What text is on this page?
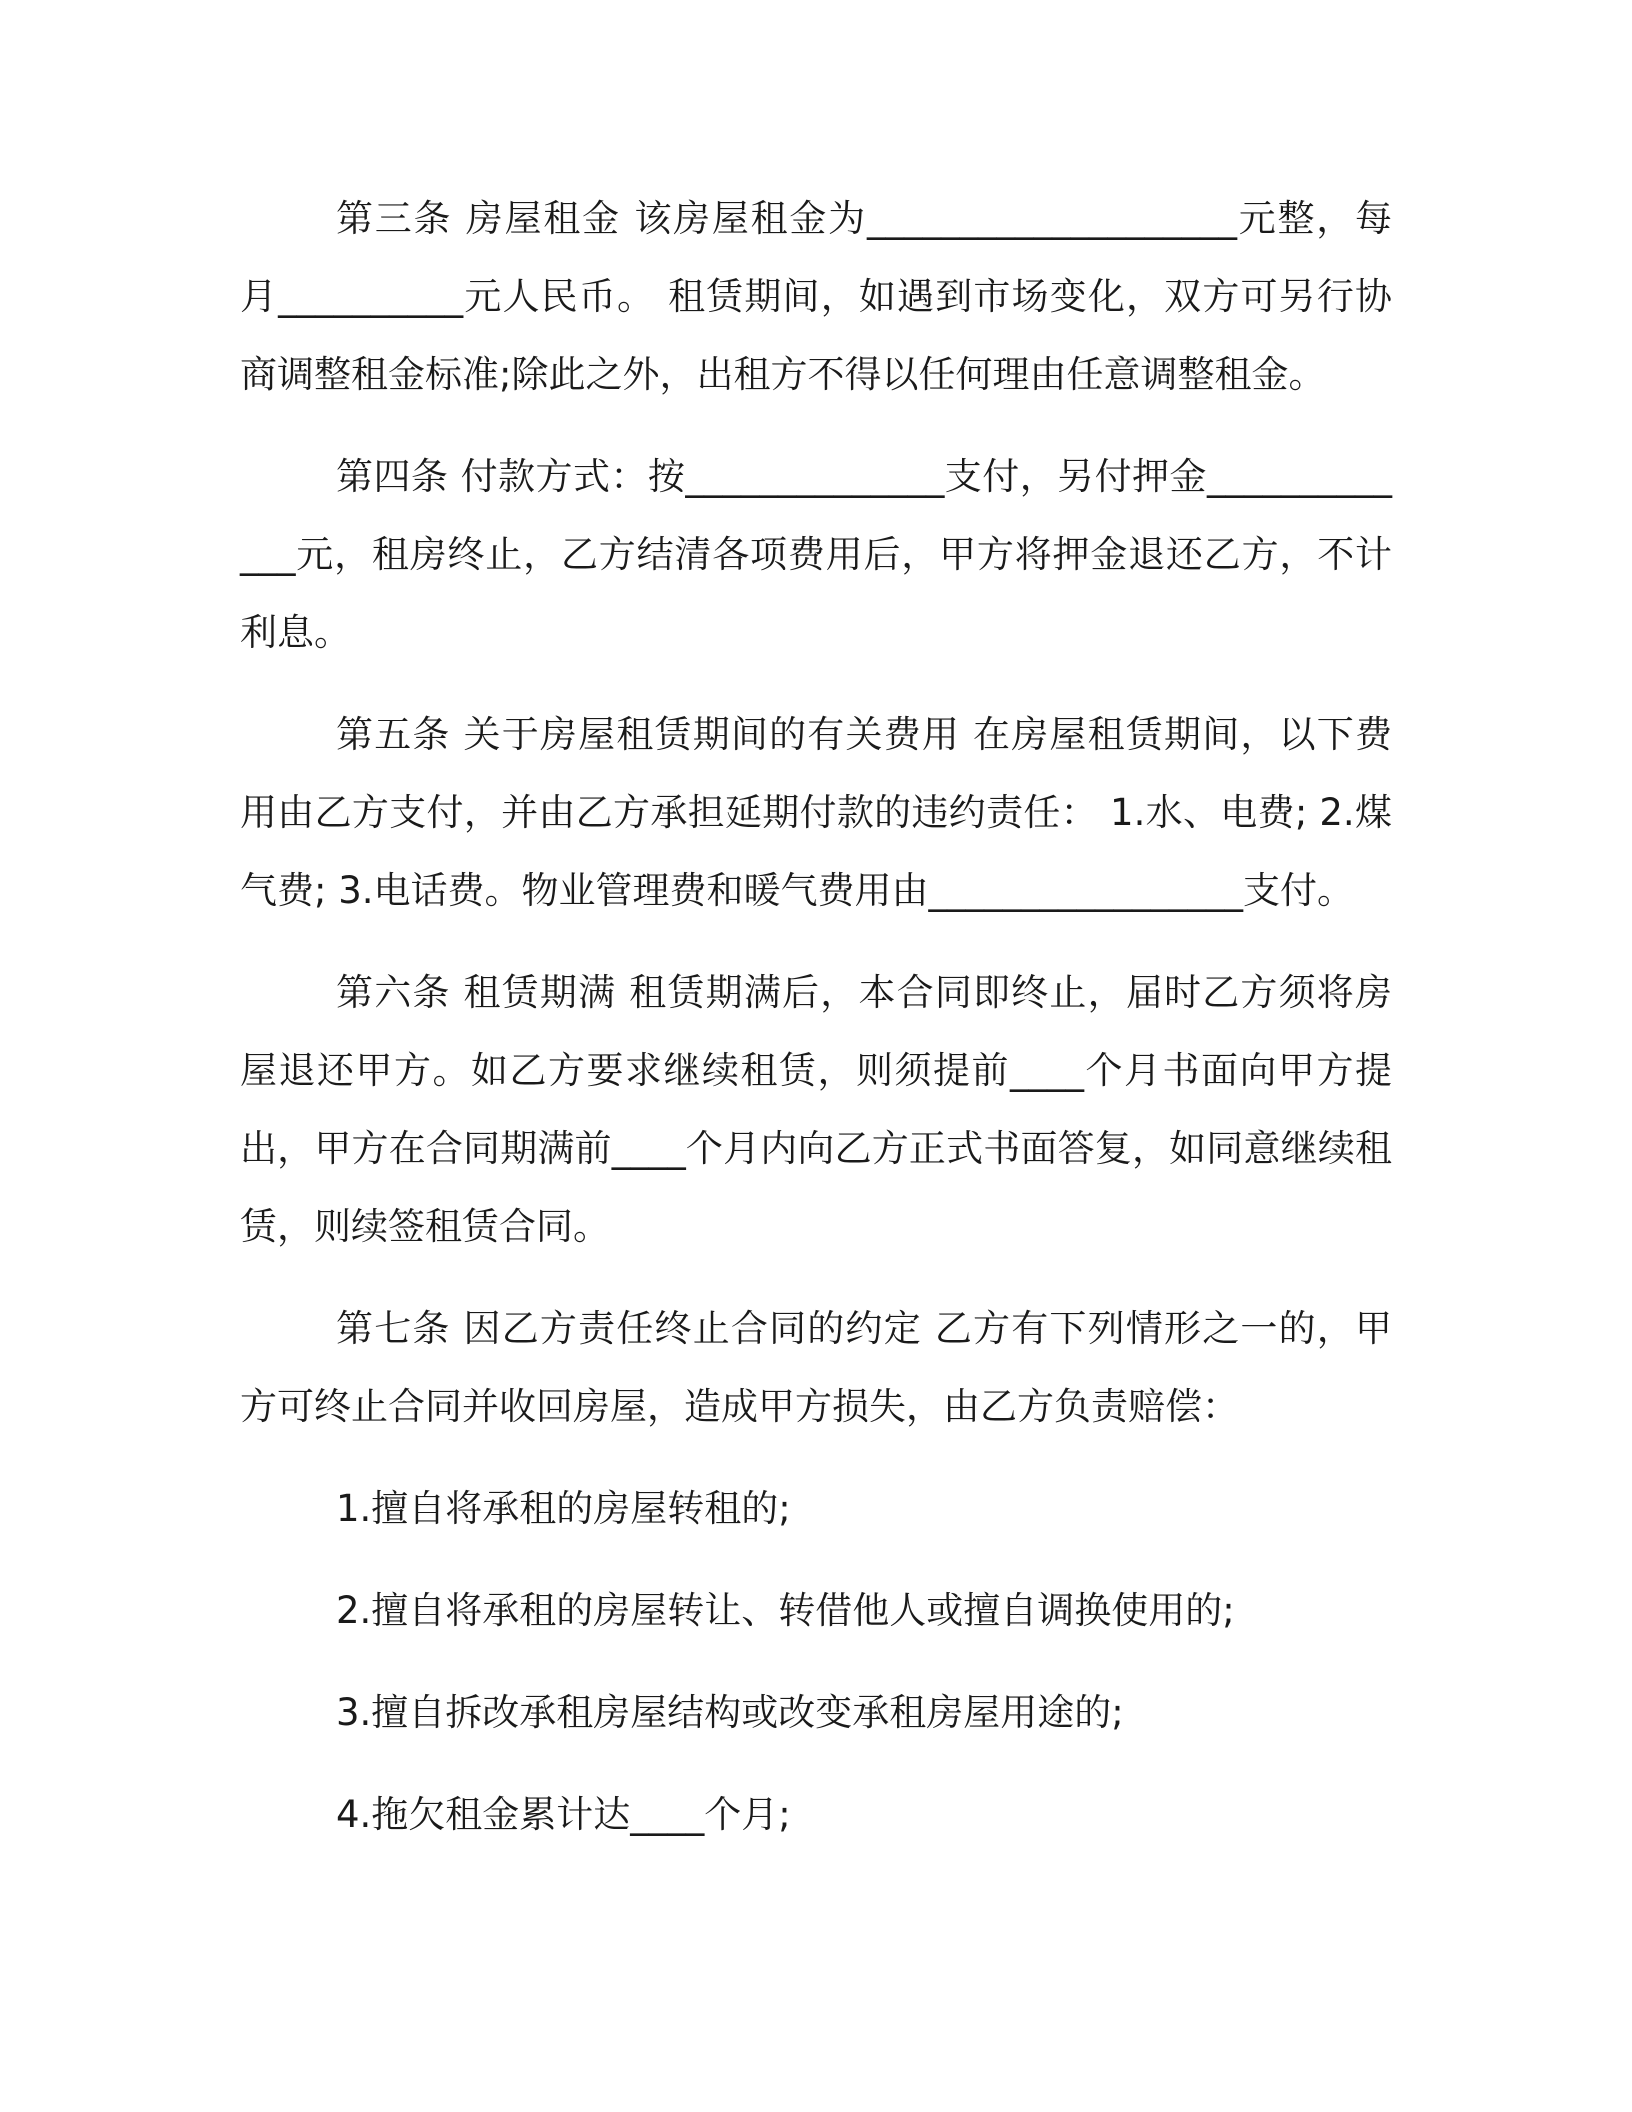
第三条 房屋租金 该房屋租金为____________________元整，每月__________元人民币。 租赁期间，如遇到市场变化，双方可另行协商调整租金标准;除此之外，出租方不得以任何理由任意调整租金。

第四条 付款方式：按______________支付，另付押金_____________元，租房终止，乙方结清各项费用后，甲方将押金退还乙方，不计利息。

第五条 关于房屋租赁期间的有关费用 在房屋租赁期间，以下费用由乙方支付，并由乙方承担延期付款的违约责任： 1.水、电费; 2.煤气费; 3.电话费。物业管理费和暖气费用由_________________支付。

第六条 租赁期满 租赁期满后，本合同即终止，届时乙方须将房屋退还甲方。如乙方要求继续租赁，则须提前____个月书面向甲方提出，甲方在合同期满前____个月内向乙方正式书面答复，如同意继续租赁，则续签租赁合同。

第七条 因乙方责任终止合同的约定 乙方有下列情形之一的，甲方可终止合同并收回房屋，造成甲方损失，由乙方负责赔偿：

1.擅自将承租的房屋转租的;

2.擅自将承租的房屋转让、转借他人或擅自调换使用的;

3.擅自拆改承租房屋结构或改变承租房屋用途的;

4.拖欠租金累计达____个月;
